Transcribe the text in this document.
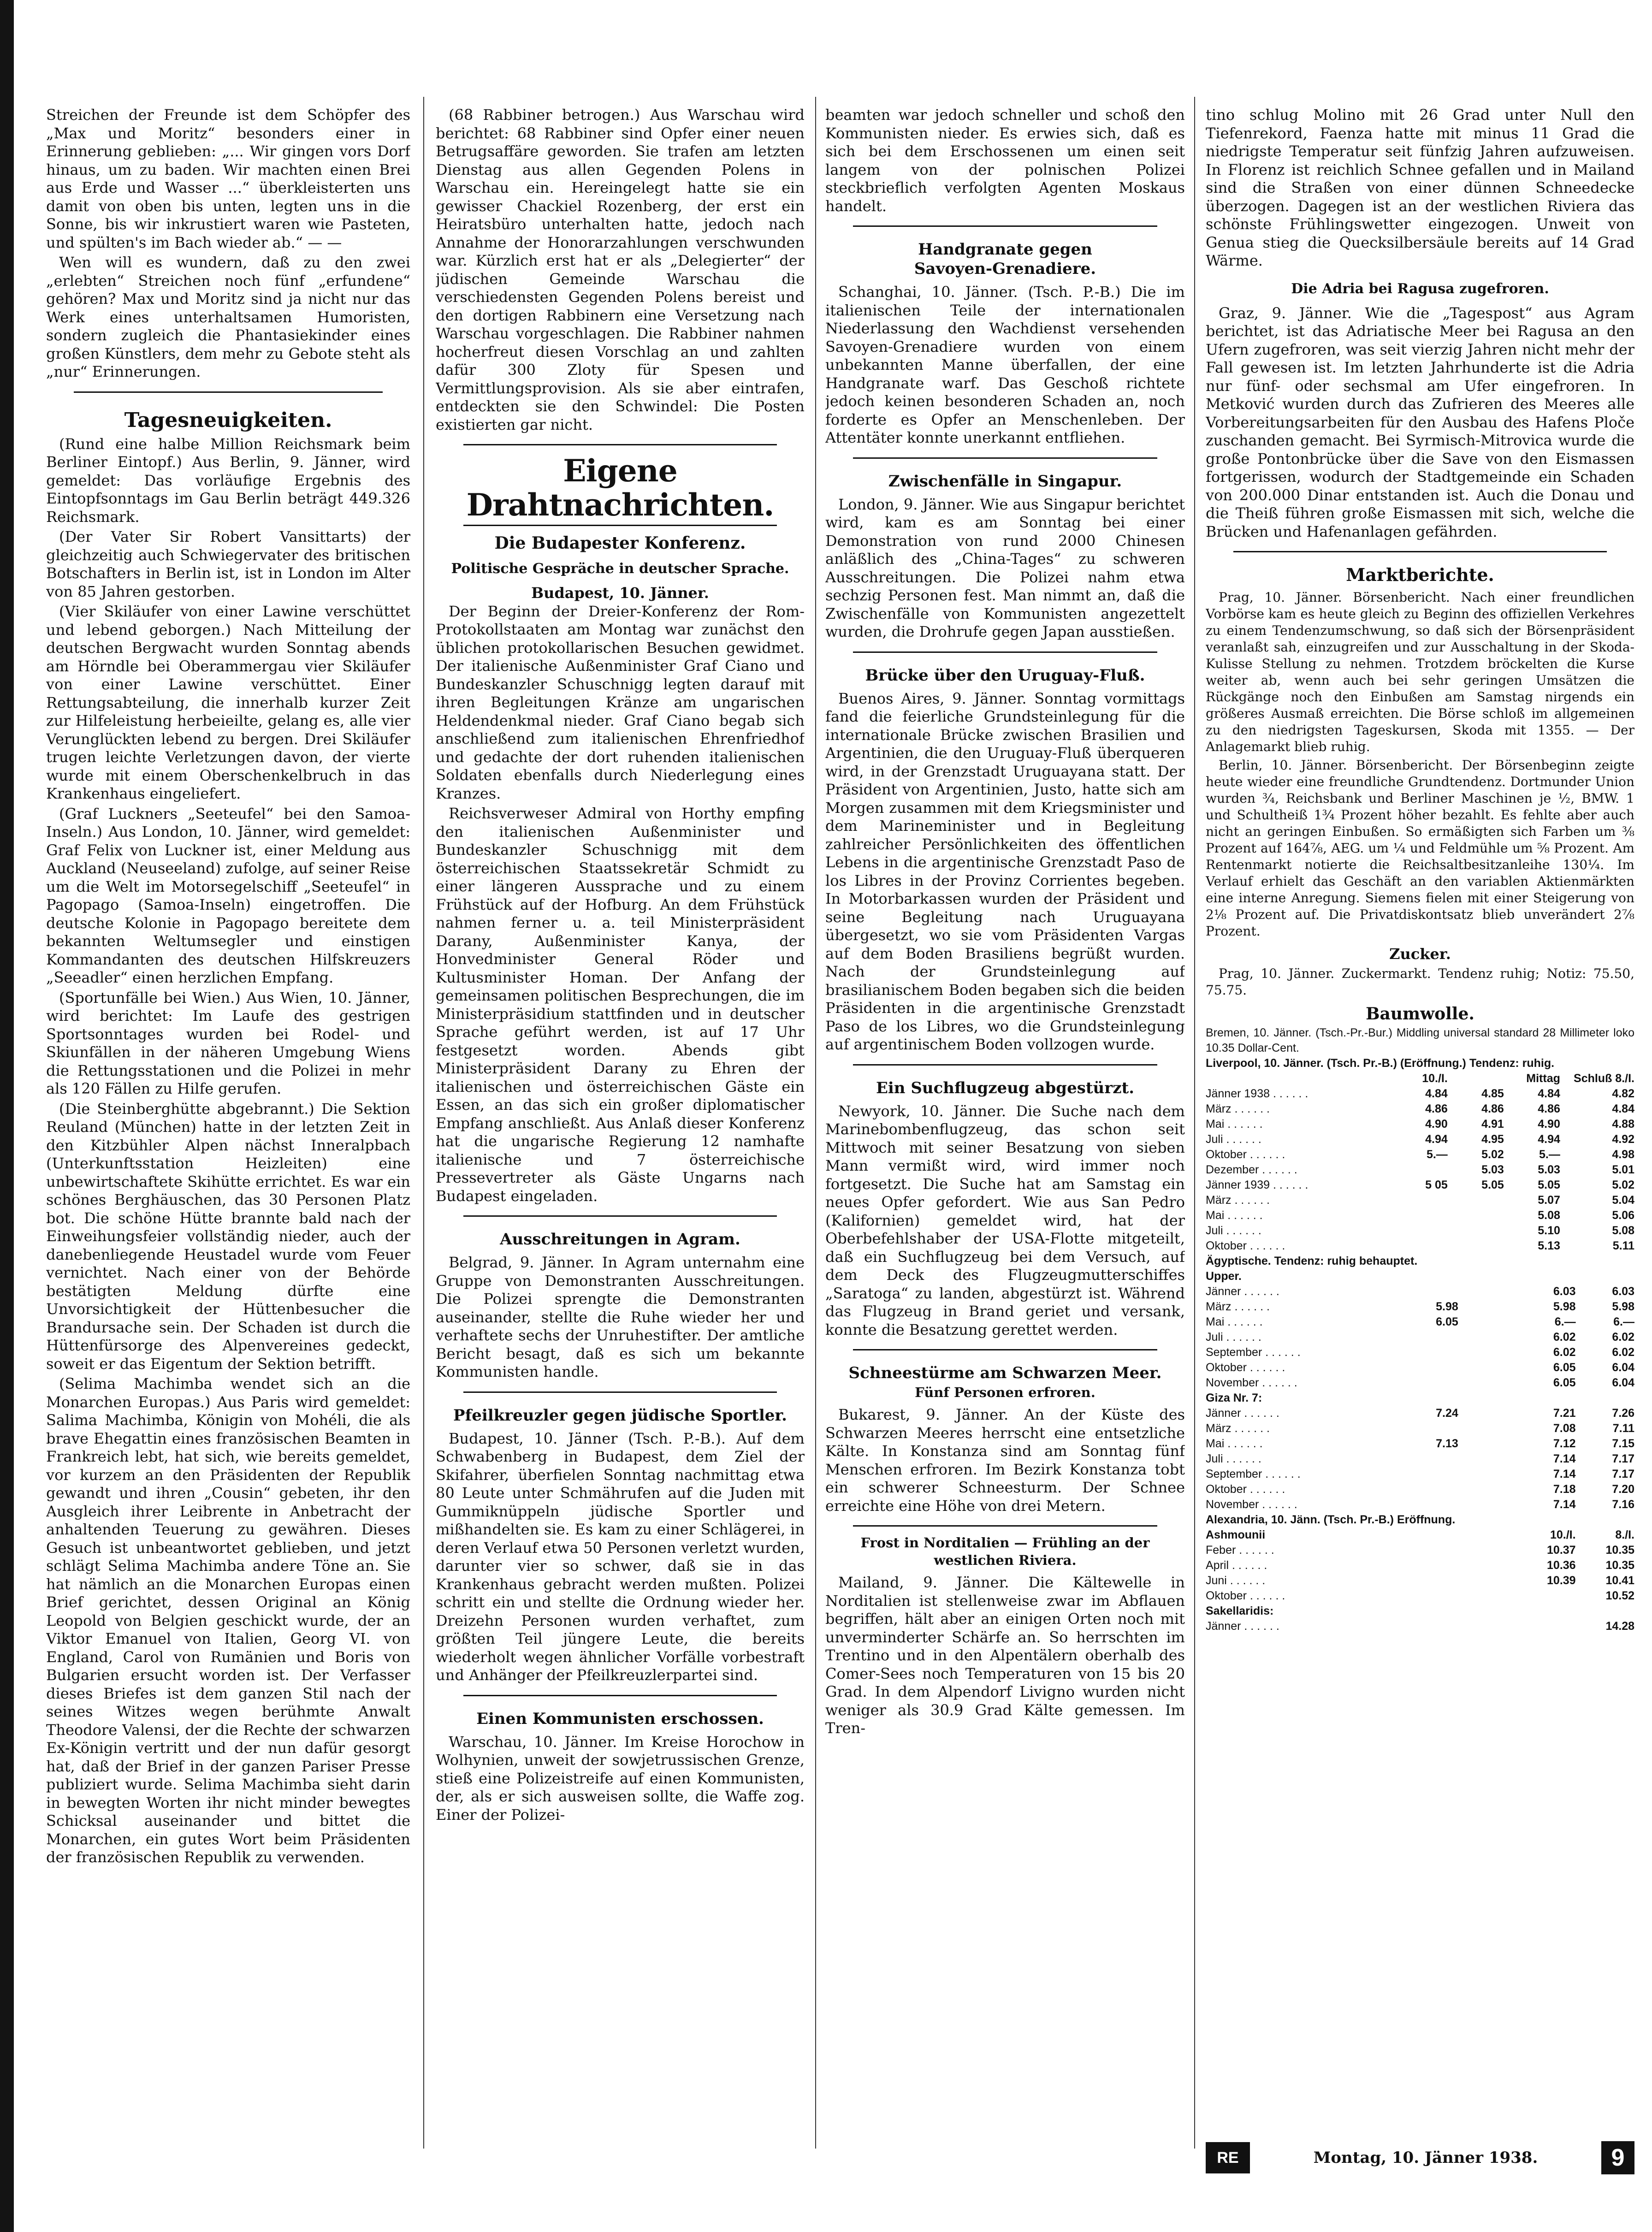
Streichen der Freunde ist dem Schöpfer des „Max und Moritz“ besonders einer in Erinnerung geblieben: „... Wir gingen vors Dorf hinaus, um zu baden. Wir machten einen Brei aus Erde und Wasser ...“ überkleisterten uns damit von oben bis unten, legten uns in die Sonne, bis wir inkrustiert waren wie Pasteten, und spülten's im Bach wieder ab.“ — —

Wen will es wundern, daß zu den zwei „erlebten“ Streichen noch fünf „erfundene“ gehören? Max und Moritz sind ja nicht nur das Werk eines unterhaltsamen Humoristen, sondern zugleich die Phantasiekinder eines großen Künstlers, dem mehr zu Gebote steht als „nur“ Erinnerungen.

Tagesneuigkeiten.

(Rund eine halbe Million Reichsmark beim Berliner Eintopf.) Aus Berlin, 9. Jänner, wird gemeldet: Das vorläufige Ergebnis des Eintopfsonntags im Gau Berlin beträgt 449.326 Reichsmark.

(Der Vater Sir Robert Vansittarts) der gleichzeitig auch Schwiegervater des britischen Botschafters in Berlin ist, ist in London im Alter von 85 Jahren gestorben.

(Vier Skiläufer von einer Lawine verschüttet und lebend geborgen.) Nach Mitteilung der deutschen Bergwacht wurden Sonntag abends am Hörndle bei Oberammergau vier Skiläufer von einer Lawine verschüttet. Einer Rettungsabteilung, die innerhalb kurzer Zeit zur Hilfeleistung herbeieilte, gelang es, alle vier Verunglückten lebend zu bergen. Drei Skiläufer trugen leichte Verletzungen davon, der vierte wurde mit einem Oberschenkelbruch in das Krankenhaus eingeliefert.

(Graf Luckners „Seeteufel“ bei den Samoa-Inseln.) Aus London, 10. Jänner, wird gemeldet: Graf Felix von Luckner ist, einer Meldung aus Auckland (Neuseeland) zufolge, auf seiner Reise um die Welt im Motorsegelschiff „Seeteufel“ in Pagopago (Samoa-Inseln) eingetroffen. Die deutsche Kolonie in Pagopago bereitete dem bekannten Weltumsegler und einstigen Kommandanten des deutschen Hilfskreuzers „Seeadler“ einen herzlichen Empfang.

(Sportunfälle bei Wien.) Aus Wien, 10. Jänner, wird berichtet: Im Laufe des gestrigen Sportsonntages wurden bei Rodel- und Skiunfällen in der näheren Umgebung Wiens die Rettungsstationen und die Polizei in mehr als 120 Fällen zu Hilfe gerufen.

(Die Steinberghütte abgebrannt.) Die Sektion Reuland (München) hatte in der letzten Zeit in den Kitzbühler Alpen nächst Inneralpbach (Unterkunftsstation Heizleiten) eine unbewirtschaftete Skihütte errichtet. Es war ein schönes Berghäuschen, das 30 Personen Platz bot. Die schöne Hütte brannte bald nach der Einweihungsfeier vollständig nieder, auch der danebenliegende Heustadel wurde vom Feuer vernichtet. Nach einer von der Behörde bestätigten Meldung dürfte eine Unvorsichtigkeit der Hüttenbesucher die Brandursache sein. Der Schaden ist durch die Hüttenfürsorge des Alpenvereines gedeckt, soweit er das Eigentum der Sektion betrifft.

(Selima Machimba wendet sich an die Monarchen Europas.) Aus Paris wird gemeldet: Salima Machimba, Königin von Mohéli, die als brave Ehegattin eines französischen Beamten in Frankreich lebt, hat sich, wie bereits gemeldet, vor kurzem an den Präsidenten der Republik gewandt und ihren „Cousin“ gebeten, ihr den Ausgleich ihrer Leibrente in Anbetracht der anhaltenden Teuerung zu gewähren. Dieses Gesuch ist unbeantwortet geblieben, und jetzt schlägt Selima Machimba andere Töne an. Sie hat nämlich an die Monarchen Europas einen Brief gerichtet, dessen Original an König Leopold von Belgien geschickt wurde, der an Viktor Emanuel von Italien, Georg VI. von England, Carol von Rumänien und Boris von Bulgarien ersucht worden ist. Der Verfasser dieses Briefes ist dem ganzen Stil nach der seines Witzes wegen berühmte Anwalt Theodore Valensi, der die Rechte der schwarzen Ex-Königin vertritt und der nun dafür gesorgt hat, daß der Brief in der ganzen Pariser Presse publiziert wurde. Selima Machimba sieht darin in bewegten Worten ihr nicht minder bewegtes Schicksal auseinander und bittet die Monarchen, ein gutes Wort beim Präsidenten der französischen Republik zu verwenden.

(68 Rabbiner betrogen.) Aus Warschau wird berichtet: 68 Rabbiner sind Opfer einer neuen Betrugsaffäre geworden. Sie trafen am letzten Dienstag aus allen Gegenden Polens in Warschau ein. Hereingelegt hatte sie ein gewisser Chackiel Rozenberg, der erst ein Heiratsbüro unterhalten hatte, jedoch nach Annahme der Honorarzahlungen verschwunden war. Kürzlich erst hat er als „Delegierter“ der jüdischen Gemeinde Warschau die verschiedensten Gegenden Polens bereist und den dortigen Rabbinern eine Versetzung nach Warschau vorgeschlagen. Die Rabbiner nahmen hocherfreut diesen Vorschlag an und zahlten dafür 300 Zloty für Spesen und Vermittlungsprovision. Als sie aber eintrafen, entdeckten sie den Schwindel: Die Posten existierten gar nicht.

Eigene Drahtnachrichten.
Die Budapester Konferenz.
Politische Gespräche in deutscher Sprache.
Budapest, 10. Jänner.

Der Beginn der Dreier-Konferenz der Rom-Protokollstaaten am Montag war zunächst den üblichen protokollarischen Besuchen gewidmet. Der italienische Außenminister Graf Ciano und Bundeskanzler Schuschnigg legten darauf mit ihren Begleitungen Kränze am ungarischen Heldendenkmal nieder. Graf Ciano begab sich anschließend zum italienischen Ehrenfriedhof und gedachte der dort ruhenden italienischen Soldaten ebenfalls durch Niederlegung eines Kranzes.

Reichsverweser Admiral von Horthy empfing den italienischen Außenminister und Bundeskanzler Schuschnigg mit dem österreichischen Staatssekretär Schmidt zu einer längeren Aussprache und zu einem Frühstück auf der Hofburg. An dem Frühstück nahmen ferner u. a. teil Ministerpräsident Darany, Außenminister Kanya, der Honvedminister General Röder und Kultusminister Homan. Der Anfang der gemeinsamen politischen Besprechungen, die im Ministerpräsidium stattfinden und in deutscher Sprache geführt werden, ist auf 17 Uhr festgesetzt worden. Abends gibt Ministerpräsident Darany zu Ehren der italienischen und österreichischen Gäste ein Essen, an das sich ein großer diplomatischer Empfang anschließt. Aus Anlaß dieser Konferenz hat die ungarische Regierung 12 namhafte italienische und 7 österreichische Pressevertreter als Gäste Ungarns nach Budapest eingeladen.

Ausschreitungen in Agram.

Belgrad, 9. Jänner. In Agram unternahm eine Gruppe von Demonstranten Ausschreitungen. Die Polizei sprengte die Demonstranten auseinander, stellte die Ruhe wieder her und verhaftete sechs der Unruhestifter. Der amtliche Bericht besagt, daß es sich um bekannte Kommunisten handle.

Pfeilkreuzler gegen jüdische Sportler.

Budapest, 10. Jänner (Tsch. P.-B.). Auf dem Schwabenberg in Budapest, dem Ziel der Skifahrer, überfielen Sonntag nachmittag etwa 80 Leute unter Schmährufen auf die Juden mit Gummiknüppeln jüdische Sportler und mißhandelten sie. Es kam zu einer Schlägerei, in deren Verlauf etwa 50 Personen verletzt wurden, darunter vier so schwer, daß sie in das Krankenhaus gebracht werden mußten. Polizei schritt ein und stellte die Ordnung wieder her. Dreizehn Personen wurden verhaftet, zum größten Teil jüngere Leute, die bereits wiederholt wegen ähnlicher Vorfälle vorbestraft und Anhänger der Pfeilkreuzlerpartei sind.

Einen Kommunisten erschossen.

Warschau, 10. Jänner. Im Kreise Horochow in Wolhynien, unweit der sowjetrussischen Grenze, stieß eine Polizeistreife auf einen Kommunisten, der, als er sich ausweisen sollte, die Waffe zog. Einer der Polizei-

beamten war jedoch schneller und schoß den Kommunisten nieder. Es erwies sich, daß es sich bei dem Erschossenen um einen seit langem von der polnischen Polizei steckbrieflich verfolgten Agenten Moskaus handelt.

Handgranate gegen
Savoyen-Grenadiere.

Schanghai, 10. Jänner. (Tsch. P.-B.) Die im italienischen Teile der internationalen Niederlassung den Wachdienst versehenden Savoyen-Grenadiere wurden von einem unbekannten Manne überfallen, der eine Handgranate warf. Das Geschoß richtete jedoch keinen besonderen Schaden an, noch forderte es Opfer an Menschenleben. Der Attentäter konnte unerkannt entfliehen.

Zwischenfälle in Singapur.

London, 9. Jänner. Wie aus Singapur berichtet wird, kam es am Sonntag bei einer Demonstration von rund 2000 Chinesen anläßlich des „China-Tages“ zu schweren Ausschreitungen. Die Polizei nahm etwa sechzig Personen fest. Man nimmt an, daß die Zwischenfälle von Kommunisten angezettelt wurden, die Drohrufe gegen Japan ausstießen.

Brücke über den Uruguay-Fluß.

Buenos Aires, 9. Jänner. Sonntag vormittags fand die feierliche Grundsteinlegung für die internationale Brücke zwischen Brasilien und Argentinien, die den Uruguay-Fluß überqueren wird, in der Grenzstadt Uruguayana statt. Der Präsident von Argentinien, Justo, hatte sich am Morgen zusammen mit dem Kriegsminister und dem Marineminister und in Begleitung zahlreicher Persönlichkeiten des öffentlichen Lebens in die argentinische Grenzstadt Paso de los Libres in der Provinz Corrientes begeben. In Motorbarkassen wurden der Präsident und seine Begleitung nach Uruguayana übergesetzt, wo sie vom Präsidenten Vargas auf dem Boden Brasiliens begrüßt wurden. Nach der Grundsteinlegung auf brasilianischem Boden begaben sich die beiden Präsidenten in die argentinische Grenzstadt Paso de los Libres, wo die Grundsteinlegung auf argentinischem Boden vollzogen wurde.

Ein Suchflugzeug abgestürzt.

Newyork, 10. Jänner. Die Suche nach dem Marinebombenflugzeug, das schon seit Mittwoch mit seiner Besatzung von sieben Mann vermißt wird, wird immer noch fortgesetzt. Die Suche hat am Samstag ein neues Opfer gefordert. Wie aus San Pedro (Kalifornien) gemeldet wird, hat der Oberbefehlshaber der USA-Flotte mitgeteilt, daß ein Suchflugzeug bei dem Versuch, auf dem Deck des Flugzeugmutterschiffes „Saratoga“ zu landen, abgestürzt ist. Während das Flugzeug in Brand geriet und versank, konnte die Besatzung gerettet werden.

Schneestürme am Schwarzen Meer.
Fünf Personen erfroren.

Bukarest, 9. Jänner. An der Küste des Schwarzen Meeres herrscht eine entsetzliche Kälte. In Konstanza sind am Sonntag fünf Menschen erfroren. Im Bezirk Konstanza tobt ein schwerer Schneesturm. Der Schnee erreichte eine Höhe von drei Metern.

Frost in Norditalien — Frühling an der westlichen Riviera.

Mailand, 9. Jänner. Die Kältewelle in Norditalien ist stellenweise zwar im Abflauen begriffen, hält aber an einigen Orten noch mit unverminderter Schärfe an. So herrschten im Trentino und in den Alpentälern oberhalb des Comer-Sees noch Temperaturen von 15 bis 20 Grad. In dem Alpendorf Livigno wurden nicht weniger als 30.9 Grad Kälte gemessen. Im Tren-

tino schlug Molino mit 26 Grad unter Null den Tiefenrekord, Faenza hatte mit minus 11 Grad die niedrigste Temperatur seit fünfzig Jahren aufzuweisen. In Florenz ist reichlich Schnee gefallen und in Mailand sind die Straßen von einer dünnen Schneedecke überzogen. Dagegen ist an der westlichen Riviera das schönste Frühlingswetter eingezogen. Unweit von Genua stieg die Quecksilbersäule bereits auf 14 Grad Wärme.

Die Adria bei Ragusa zugefroren.

Graz, 9. Jänner. Wie die „Tagespost“ aus Agram berichtet, ist das Adriatische Meer bei Ragusa an den Ufern zugefroren, was seit vierzig Jahren nicht mehr der Fall gewesen ist. Im letzten Jahrhunderte ist die Adria nur fünf- oder sechsmal am Ufer eingefroren. In Metković wurden durch das Zufrieren des Meeres alle Vorbereitungsarbeiten für den Ausbau des Hafens Ploče zuschanden gemacht. Bei Syrmisch-Mitrovica wurde die große Pontonbrücke über die Save von den Eismassen fortgerissen, wodurch der Stadtgemeinde ein Schaden von 200.000 Dinar entstanden ist. Auch die Donau und die Theiß führen große Eismassen mit sich, welche die Brücken und Hafenanlagen gefährden.

Marktberichte.

Prag, 10. Jänner. Börsenbericht. Nach einer freundlichen Vorbörse kam es heute gleich zu Beginn des offiziellen Verkehres zu einem Tendenzumschwung, so daß sich der Börsenpräsident veranlaßt sah, einzugreifen und zur Ausschaltung in der Skoda-Kulisse Stellung zu nehmen. Trotzdem bröckelten die Kurse weiter ab, wenn auch bei sehr geringen Umsätzen die Rückgänge noch den Einbußen am Samstag nirgends ein größeres Ausmaß erreichten. Die Börse schloß im allgemeinen zu den niedrigsten Tageskursen, Skoda mit 1355. — Der Anlagemarkt blieb ruhig.

Berlin, 10. Jänner. Börsenbericht. Der Börsenbeginn zeigte heute wieder eine freundliche Grundtendenz. Dortmunder Union wurden ¾, Reichsbank und Berliner Maschinen je ½, BMW. 1 und Schultheiß 1¾ Prozent höher bezahlt. Es fehlte aber auch nicht an geringen Einbußen. So ermäßigten sich Farben um ⅜ Prozent auf 164⅞, AEG. um ¼ und Feldmühle um ⅝ Prozent. Am Rentenmarkt notierte die Reichsaltbesitzanleihe 130¼. Im Verlauf erhielt das Geschäft an den variablen Aktienmärkten eine interne Anregung. Siemens fielen mit einer Steigerung von 2⅛ Prozent auf. Die Privatdiskontsatz blieb unverändert 2⅞ Prozent.

Zucker.

Prag, 10. Jänner. Zuckermarkt. Tendenz ruhig; Notiz: 75.50, 75.75.

Baumwolle.
Bremen, 10. Jänner. (Tsch.-Pr.-Bur.) Middling universal standard 28 Millimeter loko 10.35 Dollar-Cent.
Liverpool, 10. Jänner. (Tsch. Pr.-B.) (Eröffnung.) Tendenz: ruhig.
	10./I.		Mittag	Schluß 8./I.
Jänner 1938 . . . . . .	4.84	4.85	4.84	4.82
März . . . . . .	4.86	4.86	4.86	4.84
Mai . . . . . .	4.90	4.91	4.90	4.88
Juli . . . . . .	4.94	4.95	4.94	4.92
Oktober . . . . . .	5.—	5.02	5.—	4.98
Dezember . . . . . .		5.03	5.03	5.01
Jänner 1939 . . . . . .	5 05	5.05	5.05	5.02
März . . . . . .			5.07	5.04
Mai . . . . . .			5.08	5.06
Juli . . . . . .			5.10	5.08
Oktober . . . . . .			5.13	5.11
Ägyptische. Tendenz: ruhig behauptet.
Upper.
Jänner . . . . . .			6.03	6.03
März . . . . . .	5.98		5.98	5.98
Mai . . . . . .	6.05		6.—	6.—
Juli . . . . . .			6.02	6.02
September . . . . . .			6.02	6.02
Oktober . . . . . .			6.05	6.04
November . . . . . .			6.05	6.04
Giza Nr. 7:
Jänner . . . . . .	7.24		7.21	7.26
März . . . . . .			7.08	7.11
Mai . . . . . .	7.13		7.12	7.15
Juli . . . . . .			7.14	7.17
September . . . . . .			7.14	7.17
Oktober . . . . . .			7.18	7.20
November . . . . . .			7.14	7.16
Alexandria, 10. Jänn. (Tsch. Pr.-B.) Eröffnung.
Ashmounii			10./I.	8./I.
Feber . . . . . .			10.37	10.35
April . . . . . .			10.36	10.35
Juni . . . . . .			10.39	10.41
Oktober . . . . . .				10.52
Sakellaridis:
Jänner . . . . . .				14.28
RE	Montag, 10. Jänner 1938.	9
